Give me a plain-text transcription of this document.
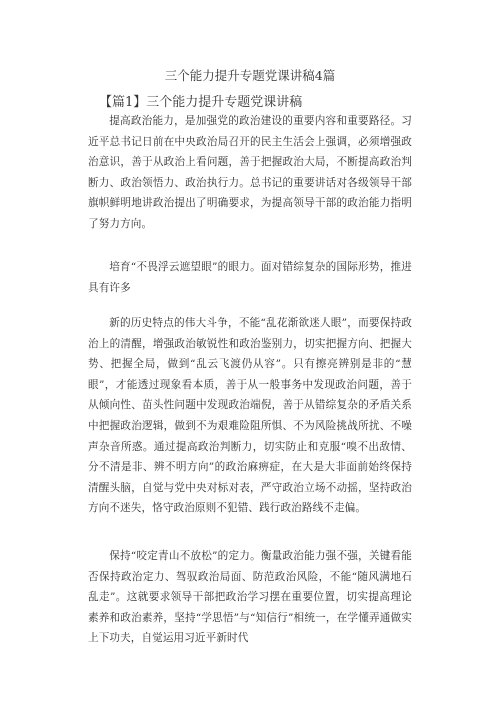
三个能力提升专题党课讲稿4篇
【篇1】三个能力提升专题党课讲稿

提高政治能力，是加强党的政治建设的重要内容和重要路径。习近平总书记日前在中央政治局召开的民主生活会上强调，必须增强政治意识，善于从政治上看问题，善于把握政治大局，不断提高政治判断力、政治领悟力、政治执行力。总书记的重要讲话对各级领导干部旗帜鲜明地讲政治提出了明确要求，为提高领导干部的政治能力指明了努力方向。

培育“不畏浮云遮望眼”的眼力。面对错综复杂的国际形势，推进具有许多

新的历史特点的伟大斗争，不能“乱花渐欲迷人眼”，而要保持政治上的清醒，增强政治敏锐性和政治鉴别力，切实把握方向、把握大势、把握全局，做到“乱云飞渡仍从容”。只有擦亮辨别是非的“慧眼”，才能透过现象看本质，善于从一般事务中发现政治问题，善于从倾向性、苗头性问题中发现政治端倪，善于从错综复杂的矛盾关系中把握政治逻辑，做到不为艰难险阻所惧、不为风险挑战所扰、不噪声杂音所惑。通过提高政治判断力，切实防止和克服“嗅不出敌情、分不清是非、辨不明方向”的政治麻痹症，在大是大非面前始终保持清醒头脑，自觉与党中央对标对表，严守政治立场不动摇，坚持政治方向不迷失，恪守政治原则不犯错、践行政治路线不走偏。

保持“咬定青山不放松”的定力。衡量政治能力强不强，关键看能否保持政治定力、驾驭政治局面、防范政治风险，不能“随风满地石乱走”。这就要求领导干部把政治学习摆在重要位置，切实提高理论素养和政治素养，坚持“学思悟”与“知信行”相统一，在学懂弄通做实上下功夫，自觉运用习近平新时代
